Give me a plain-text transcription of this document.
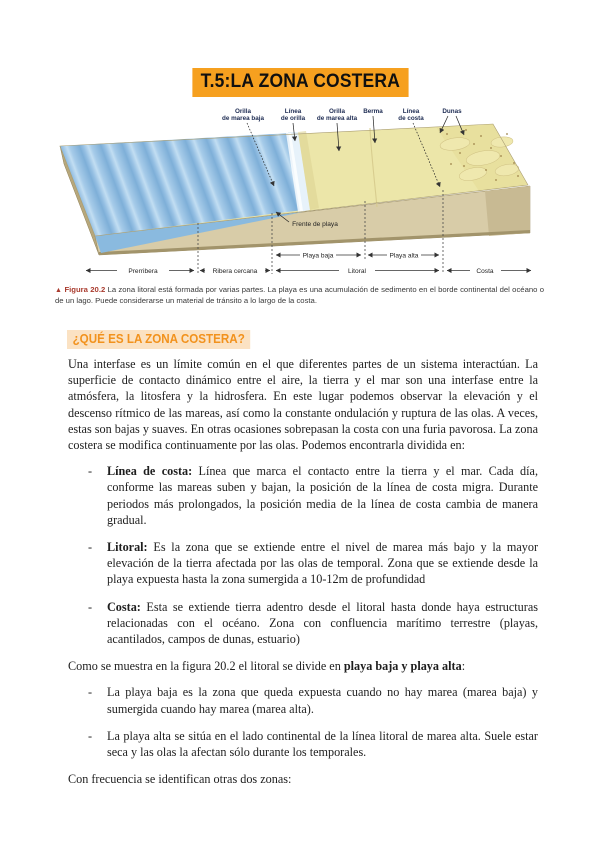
T.5:LA ZONA COSTERA
Orilla
de marea baja
Línea
de orilla
Orilla
de marea alta
Berma	Línea
de costa
Dunas
Frente de playa
Playa baja	Playa alta
Prerribera	Ribera cercana	Litoral	Costa
▲ Figura 20.2 La zona litoral está formada por varias partes. La playa es una acumulación de sedimento en el borde continental del océano o de un lago. Puede considerarse un material de tránsito a lo largo de la costa.
¿QUÉ ES LA ZONA COSTERA?

Una interfase es un límite común en el que diferentes partes de un sistema interactúan. La superficie de contacto dinámico entre el aire, la tierra y el mar son una interfase entre la atmósfera, la litosfera y la hidrosfera. En este lugar podemos observar la elevación y el descenso rítmico de las mareas, así como la constante ondulación y ruptura de las olas. A veces, estas son bajas y suaves. En otras ocasiones sobrepasan la costa con una furia pavorosa. La zona costera se modifica continuamente por las olas. Podemos encontrarla dividida en:

-	Línea de costa: Línea que marca el contacto entre la tierra y el mar. Cada día, conforme las mareas suben y bajan, la posición de la línea de costa migra. Durante periodos más prolongados, la posición media de la línea de costa cambia de manera gradual.

-	Litoral: Es la zona que se extiende entre el nivel de marea más bajo y la mayor elevación de la tierra afectada por las olas de temporal. Zona que se extiende desde la playa expuesta hasta la zona sumergida a 10-12m de profundidad

-	Costa: Esta se extiende tierra adentro desde el litoral hasta donde haya estructuras relacionadas con el océano. Zona con confluencia marítimo terrestre (playas, acantilados, campos de dunas, estuario)

Como se muestra en la figura 20.2 el litoral se divide en playa baja y playa alta:

-	La playa baja es la zona que queda expuesta cuando no hay marea (marea baja) y sumergida cuando hay marea (marea alta).

-	La playa alta se sitúa en el lado continental de la línea litoral de marea alta. Suele estar seca y las olas la afectan sólo durante los temporales.

Con frecuencia se identifican otras dos zonas:
